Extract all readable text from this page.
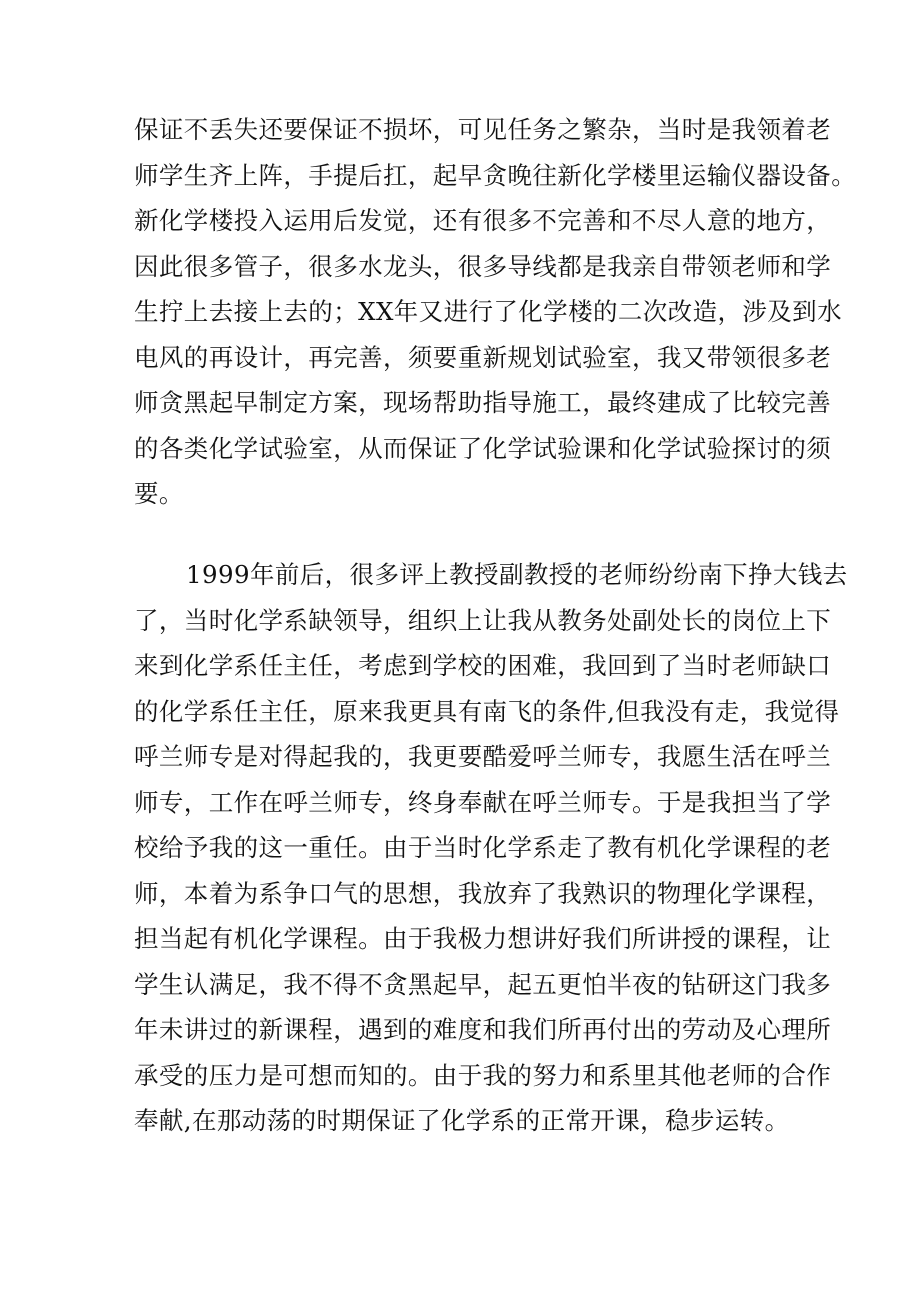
保证不丢失还要保证不损坏，可见任务之繁杂，当时是我领着老
师学生齐上阵，手提后扛，起早贪晚往新化学楼里运输仪器设备。
新化学楼投入运用后发觉，还有很多不完善和不尽人意的地方，
因此很多管子，很多水龙头，很多导线都是我亲自带领老师和学
生拧上去接上去的；XX年又进行了化学楼的二次改造，涉及到水
电风的再设计，再完善，须要重新规划试验室，我又带领很多老
师贪黑起早制定方案，现场帮助指导施工，最终建成了比较完善
的各类化学试验室，从而保证了化学试验课和化学试验探讨的须
要。
1999年前后，很多评上教授副教授的老师纷纷南下挣大钱去
了，当时化学系缺领导，组织上让我从教务处副处长的岗位上下
来到化学系任主任，考虑到学校的困难，我回到了当时老师缺口
的化学系任主任，原来我更具有南飞的条件,但我没有走，我觉得
呼兰师专是对得起我的，我更要酷爱呼兰师专，我愿生活在呼兰
师专，工作在呼兰师专，终身奉献在呼兰师专。于是我担当了学
校给予我的这一重任。由于当时化学系走了教有机化学课程的老
师，本着为系争口气的思想，我放弃了我熟识的物理化学课程，
担当起有机化学课程。由于我极力想讲好我们所讲授的课程，让
学生认满足，我不得不贪黑起早，起五更怕半夜的钻研这门我多
年未讲过的新课程，遇到的难度和我们所再付出的劳动及心理所
承受的压力是可想而知的。由于我的努力和系里其他老师的合作
奉献,在那动荡的时期保证了化学系的正常开课，稳步运转。
